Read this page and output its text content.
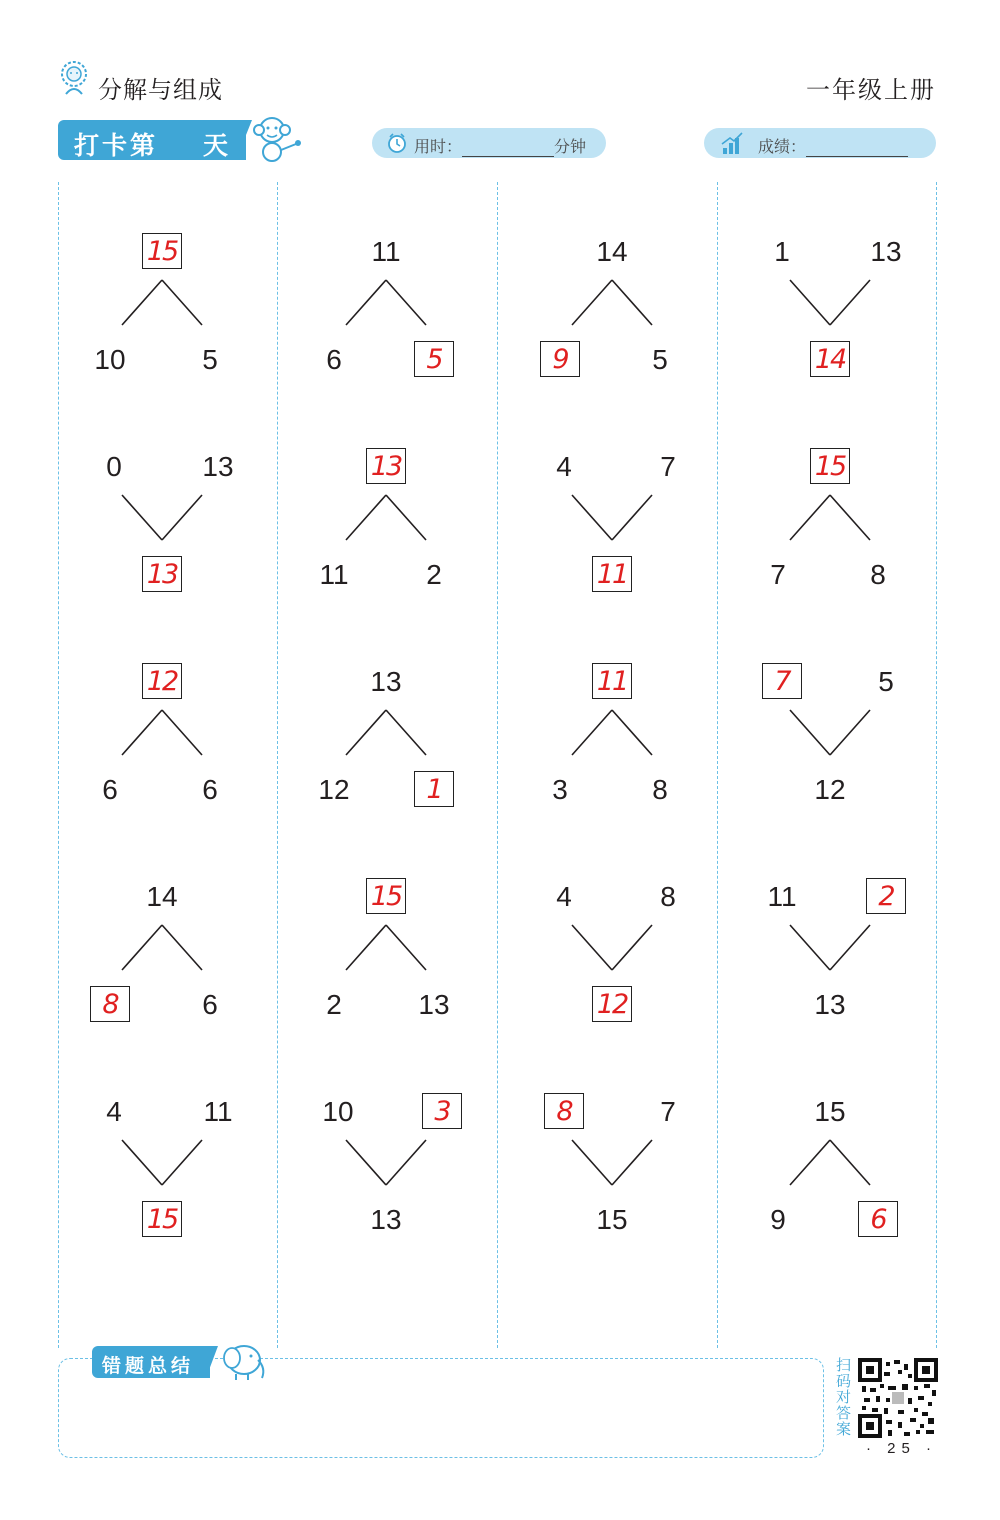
分解与组成	一年级上册
打卡第 天	用时：	分钟	成绩：
15
10	5
0	13
13
12
6	6
14
8	6
4	11
15
11
6	5
13
11	2
13
12	1
15
2	13
10	3
13
14
9	5
4	7
11
11
3	8
4	8
12
8	7
15
1	13
14
15
7	8
7	5
12
11	2
13
15
9	6
错题总结	扫码对答案
· 25 ·
